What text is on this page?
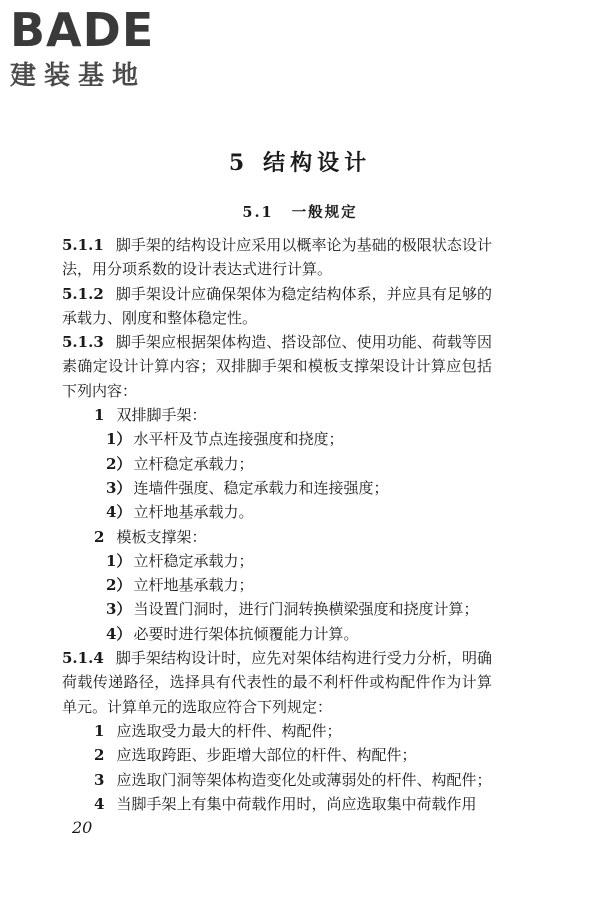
BADE
建装基地
5 结构设计
5.1 一般规定

5.1.1 脚手架的结构设计应采用以概率论为基础的极限状态设计法，用分项系数的设计表达式进行计算。

5.1.2 脚手架设计应确保架体为稳定结构体系，并应具有足够的承载力、刚度和整体稳定性。

5.1.3 脚手架应根据架体构造、搭设部位、使用功能、荷载等因素确定设计计算内容；双排脚手架和模板支撑架设计计算应包括下列内容：

1 双排脚手架：

1） 水平杆及节点连接强度和挠度；

2） 立杆稳定承载力；

3） 连墙件强度、稳定承载力和连接强度；

4） 立杆地基承载力。

2 模板支撑架：

1） 立杆稳定承载力；

2） 立杆地基承载力；

3） 当设置门洞时，进行门洞转换横梁强度和挠度计算；

4） 必要时进行架体抗倾覆能力计算。

5.1.4 脚手架结构设计时，应先对架体结构进行受力分析，明确荷载传递路径，选择具有代表性的最不利杆件或构配件作为计算单元。计算单元的选取应符合下列规定：

1 应选取受力最大的杆件、构配件；

2 应选取跨距、步距增大部位的杆件、构配件；

3 应选取门洞等架体构造变化处或薄弱处的杆件、构配件；

4 当脚手架上有集中荷载作用时，尚应选取集中荷载作用

20
